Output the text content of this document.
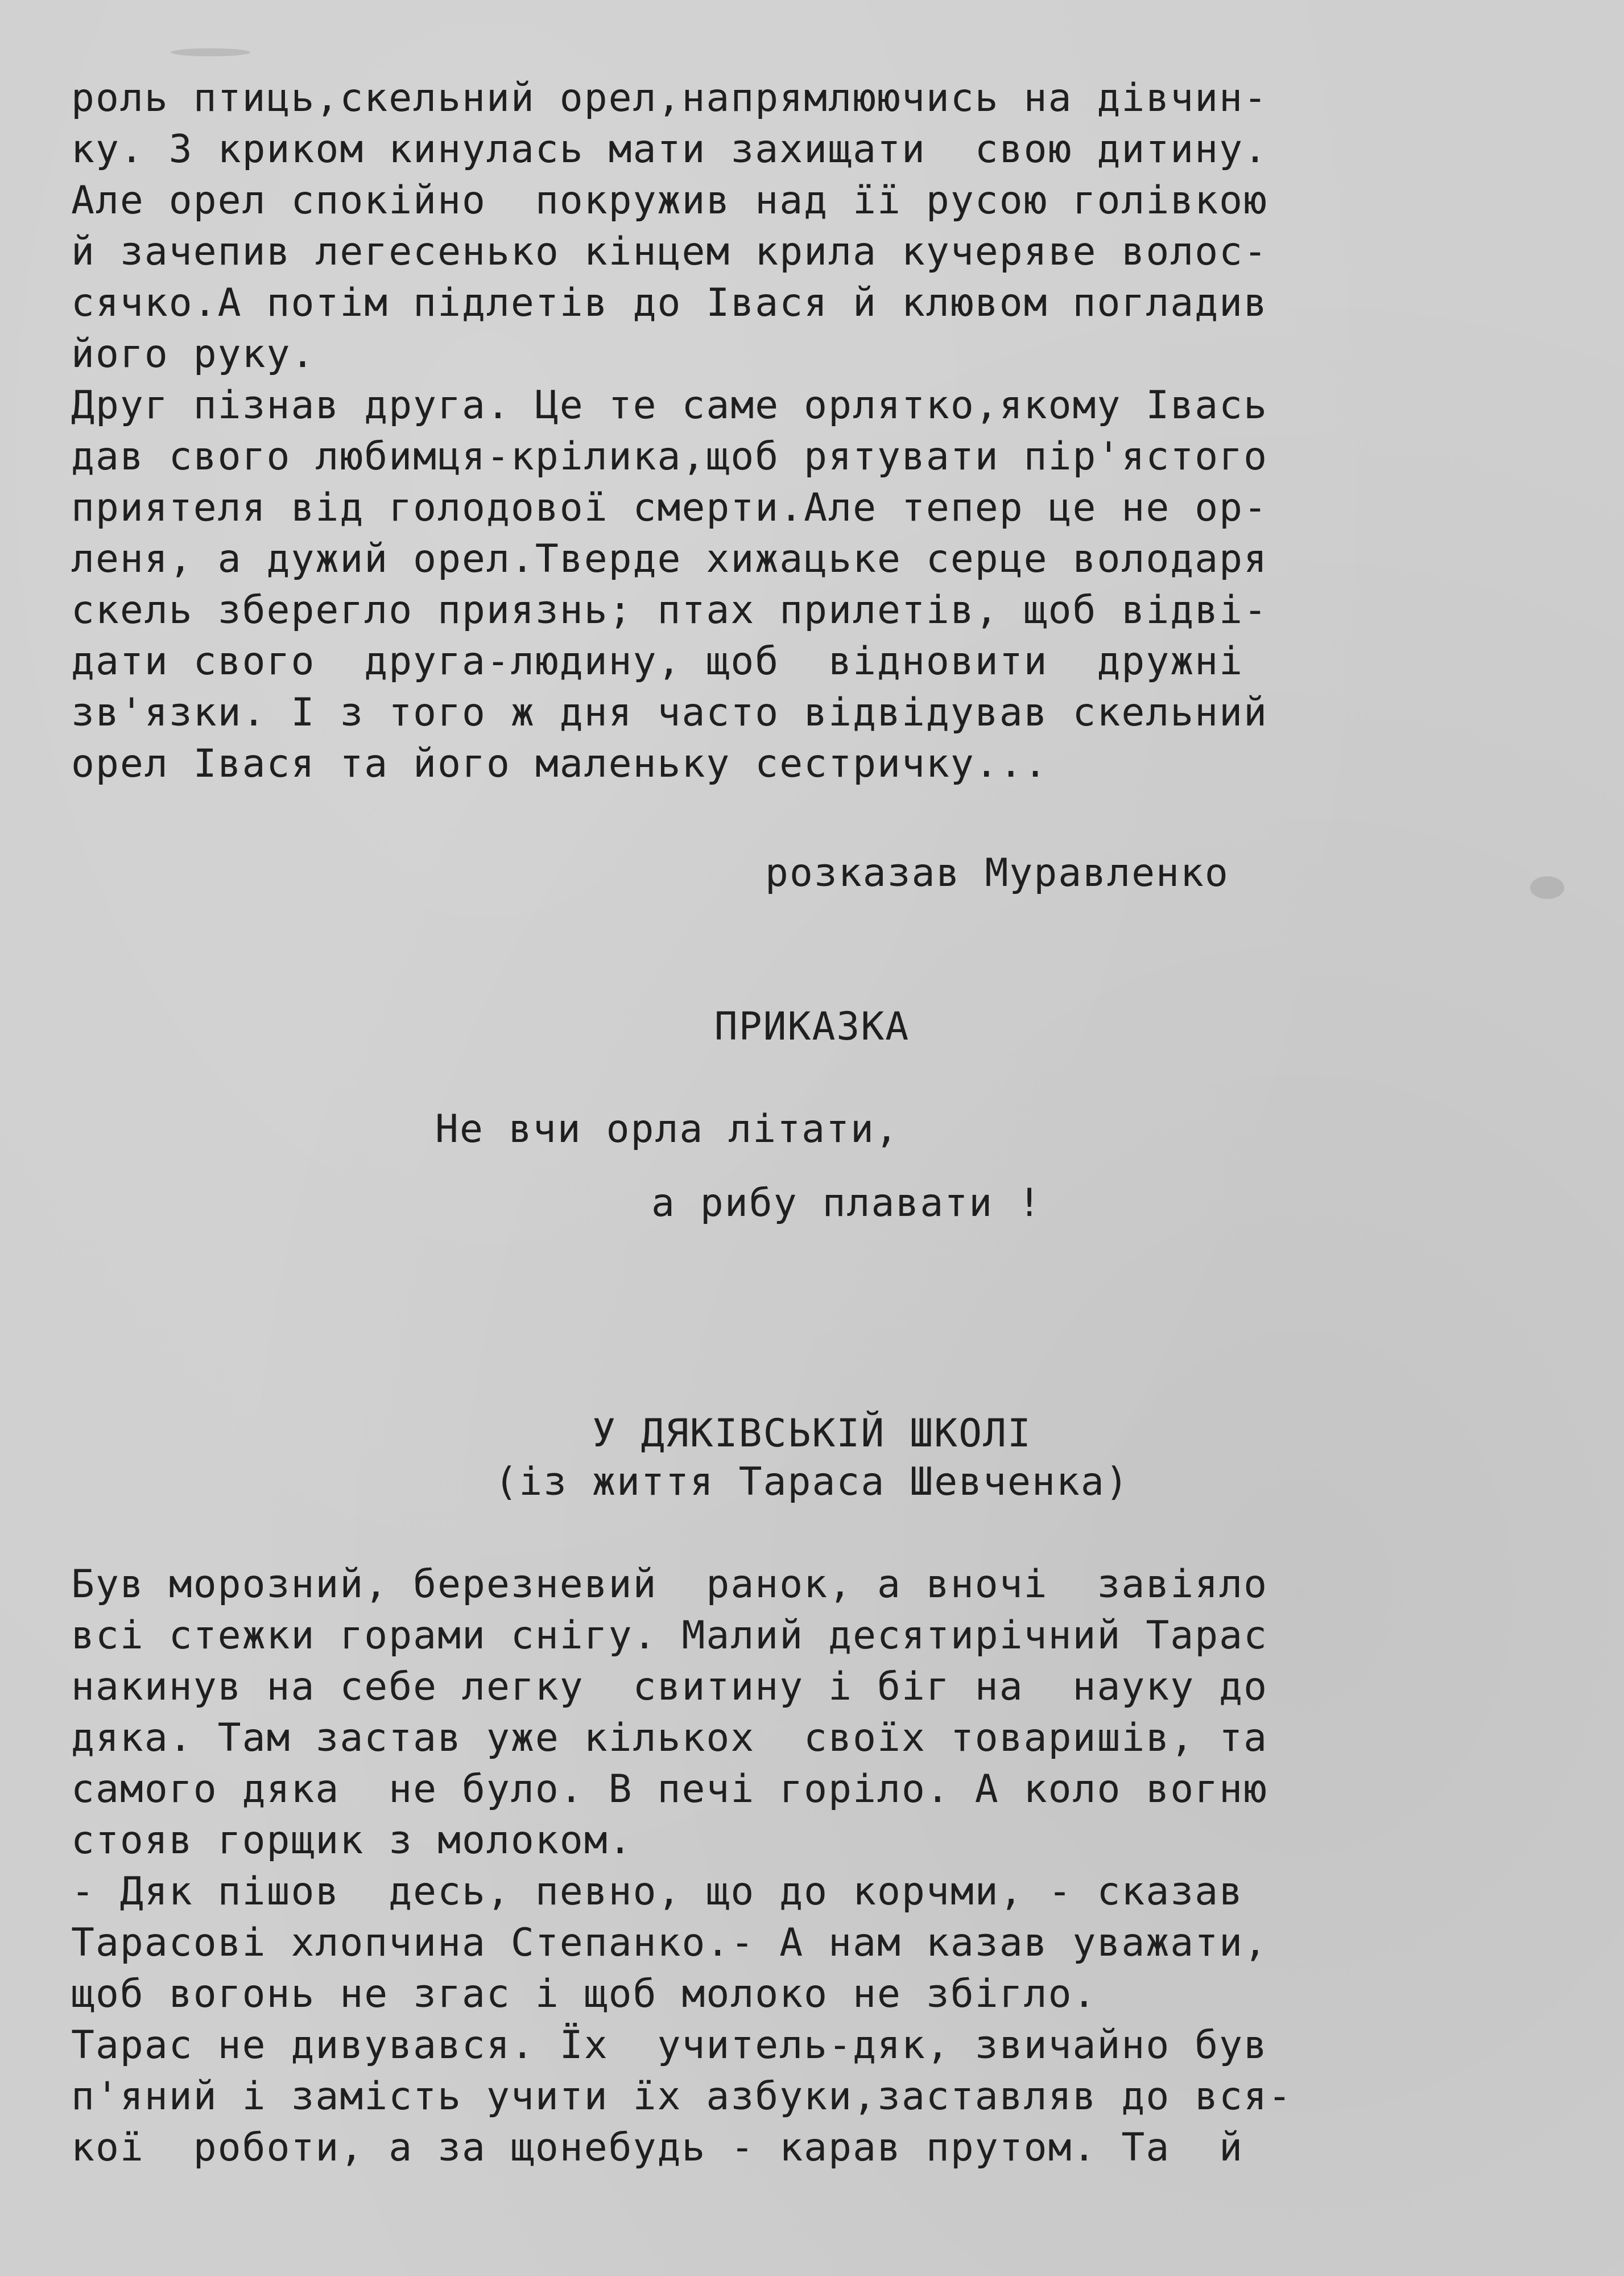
роль птиць,скельний орел,напрямлюючись на дівчин-
ку. З криком кинулась мати захищати  свою дитину.
Але орел спокійно  покружив над її русою голівкою
й зачепив легесенько кінцем крила кучеряве волос-
сячко.А потім підлетів до Івася й клювом погладив
його руку.
Друг пізнав друга. Це те саме орлятко,якому Івась
дав свого любимця-крілика,щоб рятувати пір'ястого
приятеля від голодової смерти.Але тепер це не ор-
леня, а дужий орел.Тверде хижацьке серце володаря
скель зберегло приязнь; птах прилетів, щоб відві-
дати свого  друга-людину, щоб  відновити  дружні
зв'язки. І з того ж дня часто відвідував скельний
орел Івася та його маленьку сестричку...
розказав Муравленко
ПРИКАЗКА
Не вчи орла літати,
а рибу плавати !
У ДЯКІВСЬКІЙ ШКОЛІ
(із життя Тараса Шевченка)
Був морозний, березневий  ранок, а вночі  завіяло
всі стежки горами снігу. Малий десятирічний Тарас
накинув на себе легку  свитину і біг на  науку до
дяка. Там застав уже кількох  своїх товаришів, та
самого дяка  не було. В печі горіло. А коло вогню
стояв горщик з молоком.
- Дяк пішов  десь, певно, що до корчми, - сказав
Тарасові хлопчина Степанко.- А нам казав уважати,
щоб вогонь не згас і щоб молоко не збігло.
Тарас не дивувався. Їх  учитель-дяк, звичайно був
п'яний і замість учити їх азбуки,заставляв до вся-
кої  роботи, а за щонебудь - карав прутом. Та  й
